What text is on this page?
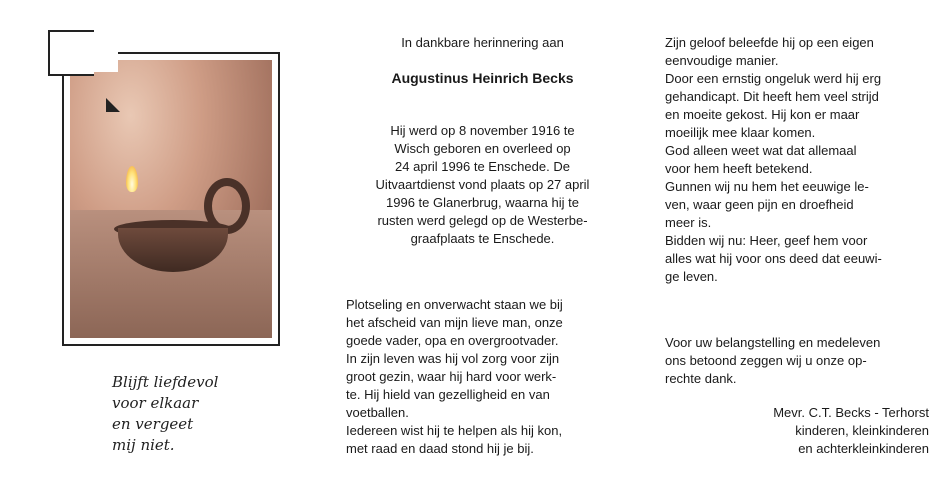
Blijft liefdevol
voor elkaar
en vergeet
mij niet.
In dankbare herinnering aan
Augustinus Heinrich Becks
Hij werd op 8 november 1916 te
Wisch geboren en overleed op
24 april 1996 te Enschede. De
Uitvaartdienst vond plaats op 27 april
1996 te Glanerbrug, waarna hij te
rusten werd gelegd op de Westerbe-
graafplaats te Enschede.
Plotseling en onverwacht staan we bij
het afscheid van mijn lieve man, onze
goede vader, opa en overgrootvader.
In zijn leven was hij vol zorg voor zijn
groot gezin, waar hij hard voor werk-
te. Hij hield van gezelligheid en van
voetballen.
Iedereen wist hij te helpen als hij kon,
met raad en daad stond hij je bij.
Zijn geloof beleefde hij op een eigen
eenvoudige manier.
Door een ernstig ongeluk werd hij erg
gehandicapt. Dit heeft hem veel strijd
en moeite gekost. Hij kon er maar
moeilijk mee klaar komen.
God alleen weet wat dat allemaal
voor hem heeft betekend.
Gunnen wij nu hem het eeuwige le-
ven, waar geen pijn en droefheid
meer is.
Bidden wij nu: Heer, geef hem voor
alles wat hij voor ons deed dat eeuwi-
ge leven.
Voor uw belangstelling en medeleven
ons betoond zeggen wij u onze op-
rechte dank.
Mevr. C.T. Becks - Terhorst
kinderen, kleinkinderen
en achterkleinkinderen
